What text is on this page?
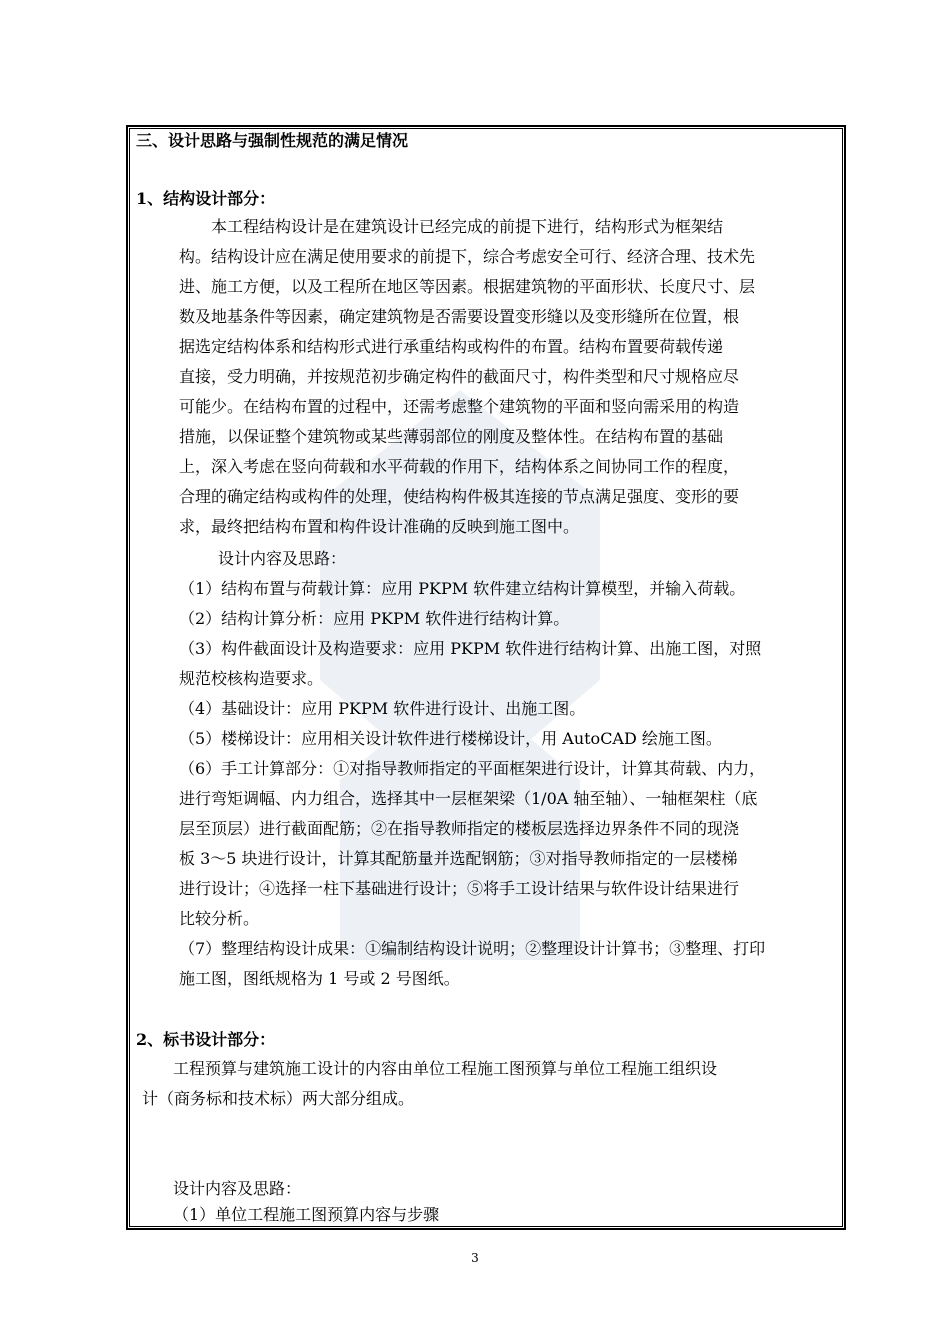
三、设计思路与强制性规范的满足情况
1、结构设计部分：
本工程结构设计是在建筑设计已经完成的前提下进行，结构形式为框架结
构。结构设计应在满足使用要求的前提下，综合考虑安全可行、经济合理、技术先
进、施工方便，以及工程所在地区等因素。根据建筑物的平面形状、长度尺寸、层
数及地基条件等因素，确定建筑物是否需要设置变形缝以及变形缝所在位置，根
据选定结构体系和结构形式进行承重结构或构件的布置。结构布置要荷载传递
直接，受力明确，并按规范初步确定构件的截面尺寸，构件类型和尺寸规格应尽
可能少。在结构布置的过程中，还需考虑整个建筑物的平面和竖向需采用的构造
措施，以保证整个建筑物或某些薄弱部位的刚度及整体性。在结构布置的基础
上，深入考虑在竖向荷载和水平荷载的作用下，结构体系之间协同工作的程度，
合理的确定结构或构件的处理，使结构构件极其连接的节点满足强度、变形的要
求，最终把结构布置和构件设计准确的反映到施工图中。
设计内容及思路：
（1）结构布置与荷载计算：应用 PKPM 软件建立结构计算模型，并输入荷载。
（2）结构计算分析：应用 PKPM 软件进行结构计算。
（3）构件截面设计及构造要求：应用 PKPM 软件进行结构计算、出施工图，对照
规范校核构造要求。
（4）基础设计：应用 PKPM 软件进行设计、出施工图。
（5）楼梯设计：应用相关设计软件进行楼梯设计，用 AutoCAD 绘施工图。
（6）手工计算部分：①对指导教师指定的平面框架进行设计，计算其荷载、内力，
进行弯矩调幅、内力组合，选择其中一层框架梁（1/0A 轴至轴）、一轴框架柱（底
层至顶层）进行截面配筋；②在指导教师指定的楼板层选择边界条件不同的现浇
板 3～5 块进行设计，计算其配筋量并选配钢筋；③对指导教师指定的一层楼梯
进行设计；④选择一柱下基础进行设计；⑤将手工设计结果与软件设计结果进行
比较分析。
（7）整理结构设计成果：①编制结构设计说明；②整理设计计算书；③整理、打印
施工图，图纸规格为 1 号或 2 号图纸。
2、标书设计部分：
工程预算与建筑施工设计的内容由单位工程施工图预算与单位工程施工组织设
计（商务标和技术标）两大部分组成。
设计内容及思路：
（1）单位工程施工图预算内容与步骤
3
